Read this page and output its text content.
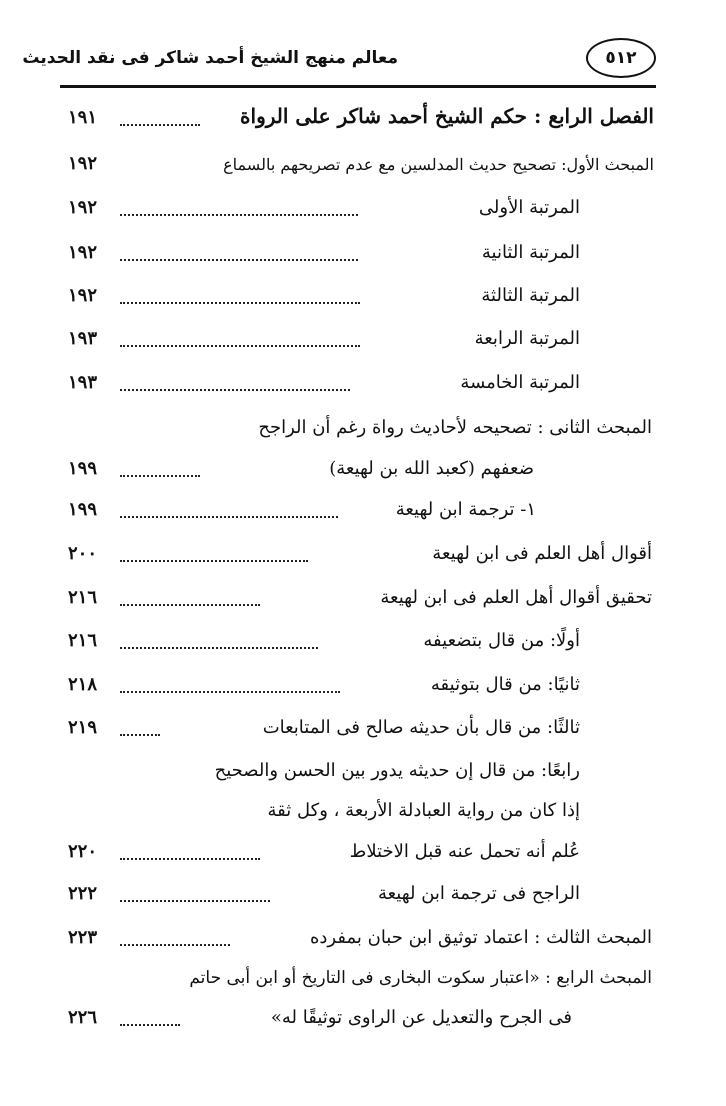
معالم منهج الشيخ أحمد شاكر فى نقد الحديث	٥١٢
الفصل الرابع : حكم الشيخ أحمد شاكر على الرواة
١٩١
المبحث الأول: تصحيح حديث المدلسين مع عدم تصريحهم بالسماع
١٩٢
المرتبة الأولى
١٩٢
المرتبة الثانية
١٩٢
المرتبة الثالثة
١٩٢
المرتبة الرابعة
١٩٣
المرتبة الخامسة
١٩٣
المبحث الثانى : تصحيحه لأحاديث رواة رغم أن الراجح
ضعفهم (كعبد الله بن لهيعة)
١٩٩
١- ترجمة ابن لهيعة
١٩٩
أقوال أهل العلم فى ابن لهيعة
٢٠٠
تحقيق أقوال أهل العلم فى ابن لهيعة
٢١٦
أولًا: من قال بتضعيفه
٢١٦
ثانيًا: من قال بتوثيقه
٢١٨
ثالثًا: من قال بأن حديثه صالح فى المتابعات
٢١٩
رابعًا: من قال إن حديثه يدور بين الحسن والصحيح
إذا كان من رواية العبادلة الأربعة ، وكل ثقة
عُلم أنه تحمل عنه قبل الاختلاط
٢٢٠
الراجح فى ترجمة ابن لهيعة
٢٢٢
المبحث الثالث : اعتماد توثيق ابن حبان بمفرده
٢٢٣
المبحث الرابع : «اعتبار سكوت البخارى فى التاريخ أو ابن أبى حاتم
فى الجرح والتعديل عن الراوى توثيقًا له»
٢٢٦
